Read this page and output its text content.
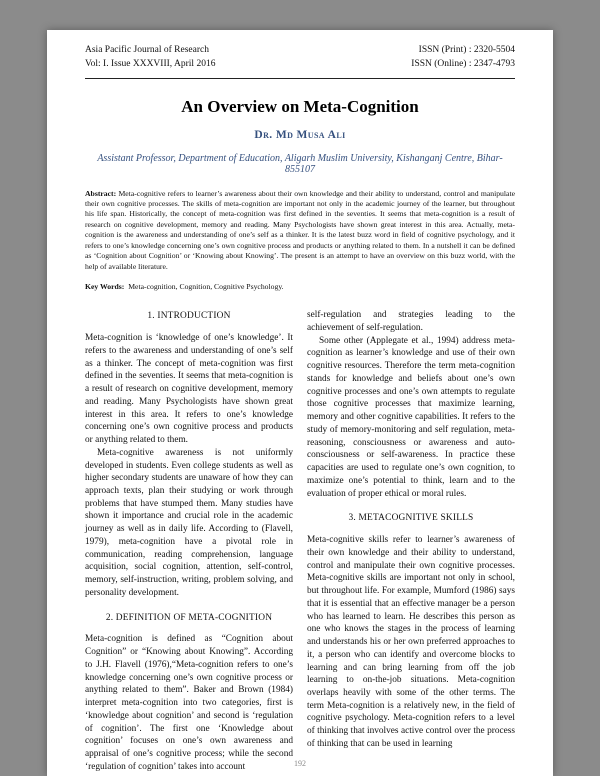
Asia Pacific Journal of Research
Vol: I. Issue XXXVIII, April 2016
ISSN (Print) : 2320-5504
ISSN (Online) : 2347-4793
An Overview on Meta-Cognition
Dr. Md Musa Ali
Assistant Professor, Department of Education, Aligarh Muslim University, Kishanganj Centre, Bihar-855107

Abstract: Meta-cognitive refers to learner’s awareness about their own knowledge and their ability to understand, control and manipulate their own cognitive processes. The skills of meta-cognition are important not only in the academic journey of the learner, but throughout his life span. Historically, the concept of meta-cognition was first defined in the seventies. It seems that meta-cognition is a result of research on cognitive development, memory and reading. Many Psychologists have shown great interest in this area. Actually, meta-cognition is the awareness and understanding of one’s self as a thinker. It is the latest buzz word in field of cognitive psychology, and it refers to one’s knowledge concerning one’s own cognitive process and products or anything related to them. In a nutshell it can be defined as ‘Cognition about Cognition’ or ‘Knowing about Knowing’. The present is an attempt to have an overview on this buzz world, with the help of available literature.

Key Words: Meta-cognition, Cognition, Cognitive Psychology.

1. INTRODUCTION

Meta-cognition is ‘knowledge of one’s knowledge’. It refers to the awareness and understanding of one’s self as a thinker. The concept of meta-cognition was first defined in the seventies. It seems that meta-cognition is a result of research on cognitive development, memory and reading. Many Psychologists have shown great interest in this area. It refers to one’s knowledge concerning one’s own cognitive process and products or anything related to them.

Meta-cognitive awareness is not uniformly developed in students. Even college students as well as higher secondary students are unaware of how they can approach texts, plan their studying or work through problems that have stumped them. Many studies have shown it importance and crucial role in the academic journey as well as in daily life. According to (Flavell, 1979), meta-cognition have a pivotal role in communication, reading comprehension, language acquisition, social cognition, attention, self-control, memory, self-instruction, writing, problem solving, and personality development.

2. DEFINITION OF META-COGNITION

Meta-cognition is defined as “Cognition about Cognition” or “Knowing about Knowing”. According to J.H. Flavell (1976),“Meta-cognition refers to one’s knowledge concerning one’s own cognitive process or anything related to them”. Baker and Brown (1984) interpret meta-cognition into two categories, first is ‘knowledge about cognition’ and second is ‘regulation of cognition’. The first one ‘Knowledge about cognition’ focuses on one’s own awareness and appraisal of one’s cognitive process; while the second ‘regulation of cognition’ takes into account

self-regulation and strategies leading to the achievement of self-regulation.

Some other (Applegate et al., 1994) address meta-cognition as learner’s knowledge and use of their own cognitive resources. Therefore the term meta-cognition stands for knowledge and beliefs about one’s own cognitive processes and one’s own attempts to regulate those cognitive processes that maximize learning, memory and other cognitive capabilities. It refers to the study of memory-monitoring and self regulation, meta-reasoning, consciousness or awareness and auto-consciousness or self-awareness. In practice these capacities are used to regulate one’s own cognition, to maximize one’s potential to think, learn and to the evaluation of proper ethical or moral rules.

3. METACOGNITIVE SKILLS

Meta-cognitive skills refer to learner’s awareness of their own knowledge and their ability to understand, control and manipulate their own cognitive processes. Meta-cognitive skills are important not only in school, but throughout life. For example, Mumford (1986) says that it is essential that an effective manager be a person who has learned to learn. He describes this person as one who knows the stages in the process of learning and understands his or her own preferred approaches to it, a person who can identify and overcome blocks to learning and can bring learning from off the job learning to on-the-job situations. Meta-cognition overlaps heavily with some of the other terms. The term Meta-cognition is a relatively new, in the field of cognitive psychology. Meta-cognition refers to a level of thinking that involves active control over the process of thinking that can be used in learning

192
